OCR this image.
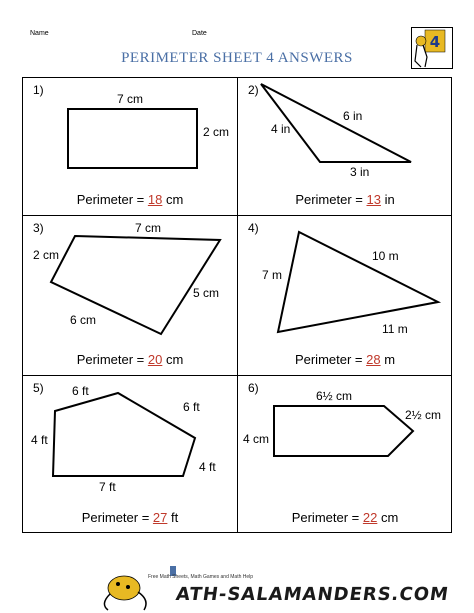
Name	Date
PERIMETER SHEET 4 ANSWERS
4
1)
7 cm
2 cm
Perimeter = 18 cm
2)
6 in
4 in
3 in
Perimeter = 13 in
3)	7 cm
2 cm
5 cm
6 cm
Perimeter = 20 cm
4)
10 m
7 m
11 m
Perimeter = 28 m
5) 6 ft
6 ft
4 ft
4 ft
7 ft
Perimeter = 27 ft
6)
6½ cm
2½ cm
4 cm
Perimeter = 22 cm
Free Math Sheets, Math Games and Math Help
ATH-SALAMANDERS.COM
